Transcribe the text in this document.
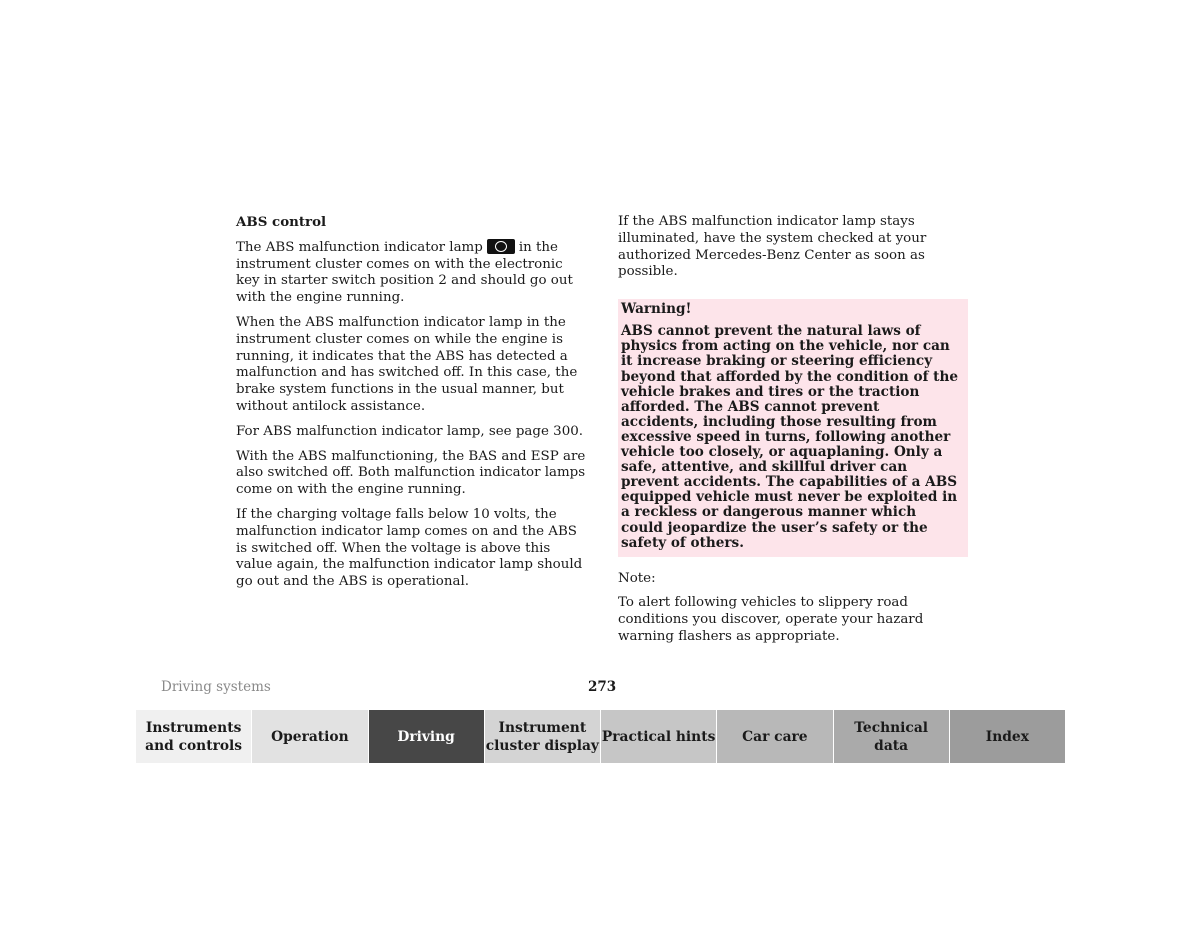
ABS control

The ABS malfunction indicator lamp	in the instrument cluster comes on with the electronic key in starter switch position 2 and should go out with the engine running.

When the ABS malfunction indicator lamp in the instrument cluster comes on while the engine is running, it indicates that the ABS has detected a malfunction and has switched off. In this case, the brake system functions in the usual manner, but without antilock assistance.

For ABS malfunction indicator lamp, see page 300.

With the ABS malfunctioning, the BAS and ESP are also switched off. Both malfunction indicator lamps come on with the engine running.

If the charging voltage falls below 10 volts, the malfunction indicator lamp comes on and the ABS is switched off. When the voltage is above this value again, the malfunction indicator lamp should go out and the ABS is operational.

If the ABS malfunction indicator lamp stays illuminated, have the system checked at your authorized Mercedes-Benz Center as soon as possible.

Warning!

ABS cannot prevent the natural laws of physics from acting on the vehicle, nor can it increase braking or steering efficiency beyond that afforded by the condition of the vehicle brakes and tires or the traction afforded. The ABS cannot prevent accidents, including those resulting from excessive speed in turns, following another vehicle too closely, or aquaplaning. Only a safe, attentive, and skillful driver can prevent accidents. The capabilities of a ABS equipped vehicle must never be exploited in a reckless or dangerous manner which could jeopardize the user’s safety or the safety of others.

Note:

To alert following vehicles to slippery road conditions you discover, operate your hazard warning flashers as appropriate.

Driving systems	273
Instruments
and controls
Operation	Driving
Instrument
cluster display
Practical hints Car care
Technical
data
Index
